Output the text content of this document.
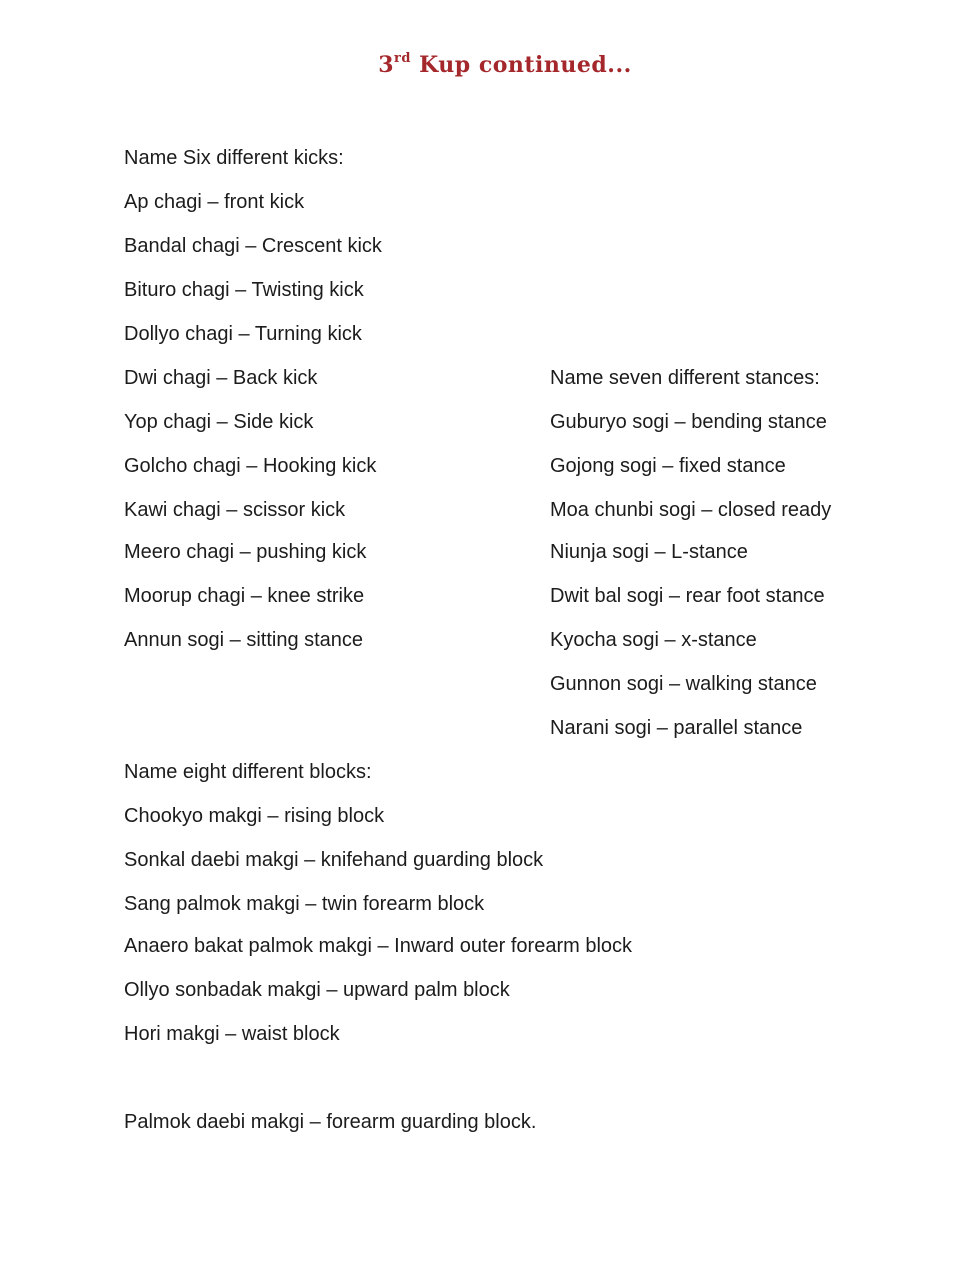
3rd Kup continued...
Name Six different kicks:
Ap chagi – front kick
Bandal chagi – Crescent kick
Bituro chagi – Twisting kick
Dollyo chagi – Turning kick
Dwi chagi – Back kick
Yop chagi – Side kick
Golcho chagi – Hooking kick
Kawi chagi – scissor kick
Meero chagi – pushing kick
Moorup chagi – knee strike
Annun sogi – sitting stance
Name seven different stances:
Guburyo sogi – bending stance
Gojong sogi – fixed stance
Moa chunbi sogi – closed ready
Niunja sogi – L-stance
Dwit bal sogi – rear foot stance
Kyocha sogi – x-stance
Gunnon sogi – walking stance
Narani sogi – parallel stance
Name eight different blocks:
Chookyo makgi – rising block
Sonkal daebi makgi – knifehand guarding block
Sang palmok makgi – twin forearm block
Anaero bakat palmok makgi – Inward outer forearm block
Ollyo sonbadak makgi – upward palm block
Hori makgi – waist block
Palmok daebi makgi – forearm guarding block.
